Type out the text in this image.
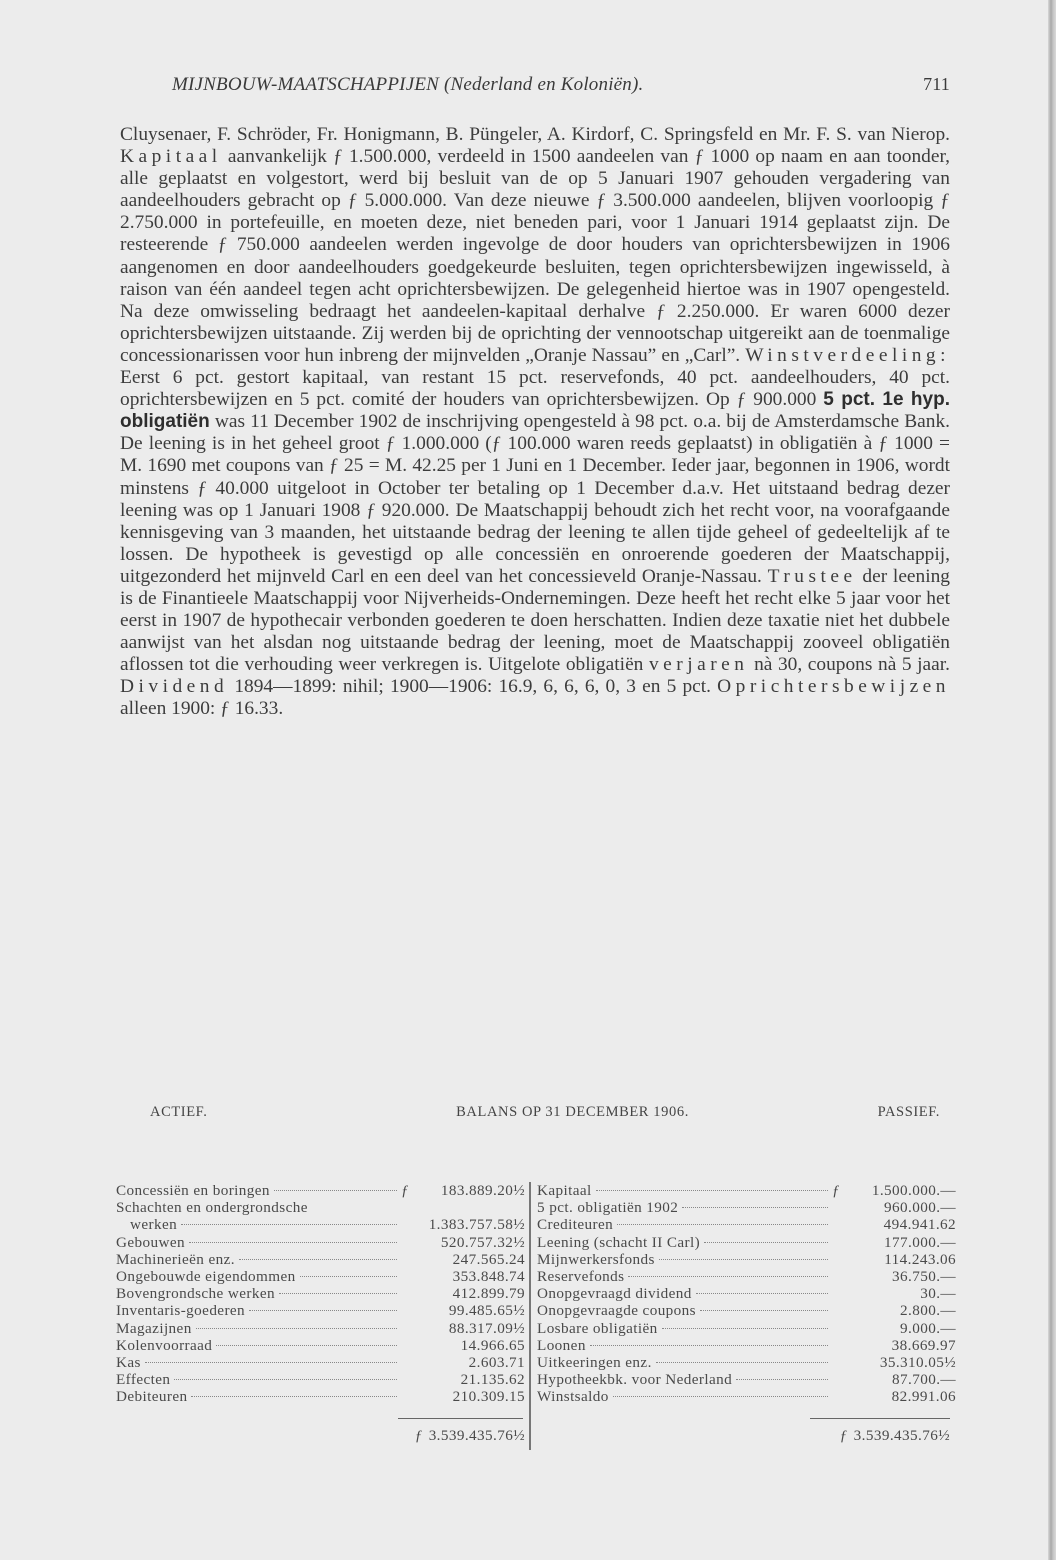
MIJNBOUW-MAATSCHAPPIJEN (Nederland en Koloniën).	711
Cluysenaer, F. Schröder, Fr. Honigmann, B. Püngeler, A. Kirdorf, C. Springsfeld en Mr. F. S. van Nierop. Kapitaal aanvankelijk ƒ 1.500.000, verdeeld in 1500 aandeelen van ƒ 1000 op naam en aan toonder, alle geplaatst en volgestort, werd bij besluit van de op 5 Januari 1907 gehouden vergadering van aandeelhouders gebracht op ƒ 5.000.000. Van deze nieuwe ƒ 3.500.000 aandeelen, blijven voorloopig ƒ 2.750.000 in portefeuille, en moeten deze, niet beneden pari, voor 1 Januari 1914 geplaatst zijn. De resteerende ƒ 750.000 aandeelen werden ingevolge de door houders van oprichtersbewijzen in 1906 aangenomen en door aandeelhouders goedgekeurde besluiten, tegen oprichtersbewijzen ingewisseld, à raison van één aandeel tegen acht oprichtersbewijzen. De gelegenheid hiertoe was in 1907 opengesteld. Na deze omwisseling bedraagt het aandeelen-kapitaal derhalve ƒ 2.250.000. Er waren 6000 dezer oprichtersbewijzen uitstaande. Zij werden bij de oprichting der vennootschap uitgereikt aan de toenmalige concessionarissen voor hun inbreng der mijnvelden „Oranje Nassau” en „Carl”. Winstverdeeling: Eerst 6 pct. gestort kapitaal, van restant 15 pct. reservefonds, 40 pct. aandeelhouders, 40 pct. oprichtersbewijzen en 5 pct. comité der houders van oprichtersbewijzen. Op ƒ 900.000 5 pct. 1e hyp. obligatiën was 11 December 1902 de inschrijving opengesteld à 98 pct. o.a. bij de Amsterdamsche Bank. De leening is in het geheel groot ƒ 1.000.000 (ƒ 100.000 waren reeds geplaatst) in obligatiën à ƒ 1000 = M. 1690 met coupons van ƒ 25 = M. 42.25 per 1 Juni en 1 December. Ieder jaar, begonnen in 1906, wordt minstens ƒ 40.000 uitgeloot in October ter betaling op 1 December d.a.v. Het uitstaand bedrag dezer leening was op 1 Januari 1908 ƒ 920.000. De Maatschappij behoudt zich het recht voor, na voorafgaande kennisgeving van 3 maanden, het uitstaande bedrag der leening te allen tijde geheel of gedeeltelijk af te lossen. De hypotheek is gevestigd op alle concessiën en onroerende goederen der Maatschappij, uitgezonderd het mijnveld Carl en een deel van het concessieveld Oranje-Nassau. Trustee der leening is de Finantieele Maatschappij voor Nijverheids-Ondernemingen. Deze heeft het recht elke 5 jaar voor het eerst in 1907 de hypothecair verbonden goederen te doen herschatten. Indien deze taxatie niet het dubbele aanwijst van het alsdan nog uitstaande bedrag der leening, moet de Maatschappij zooveel obligatiën aflossen tot die verhouding weer verkregen is. Uitgelote obligatiën verjaren nà 30, coupons nà 5 jaar. Dividend 1894—1899: nihil; 1900—1906: 16.9, 6, 6, 6, 0, 3 en 5 pct. Oprichtersbewijzen alleen 1900: ƒ 16.33.
ACTIEF.	BALANS OP 31 DECEMBER 1906.	PASSIEF.
Concessiën en boringen	ƒ	183.889.20½
Schachten en ondergrondsche
werken	1.383.757.58½
Gebouwen	520.757.32½
Machinerieën enz.	247.565.24
Ongebouwde eigendommen	353.848.74
Bovengrondsche werken	412.899.79
Inventaris-goederen	99.485.65½
Magazijnen	88.317.09½
Kolenvoorraad	14.966.65
Kas	2.603.71
Effecten	21.135.62
Debiteuren	210.309.15
ƒ 3.539.435.76½
Kapitaal	ƒ	1.500.000.—
5 pct. obligatiën 1902	960.000.—
Crediteuren	494.941.62
Leening (schacht II Carl)	177.000.—
Mijnwerkersfonds	114.243.06
Reservefonds	36.750.—
Onopgevraagd dividend	30.—
Onopgevraagde coupons	2.800.—
Losbare obligatiën	9.000.—
Loonen	38.669.97
Uitkeeringen enz.	35.310.05½
Hypotheekbk. voor Nederland	87.700.—
Winstsaldo	82.991.06
ƒ 3.539.435.76½
